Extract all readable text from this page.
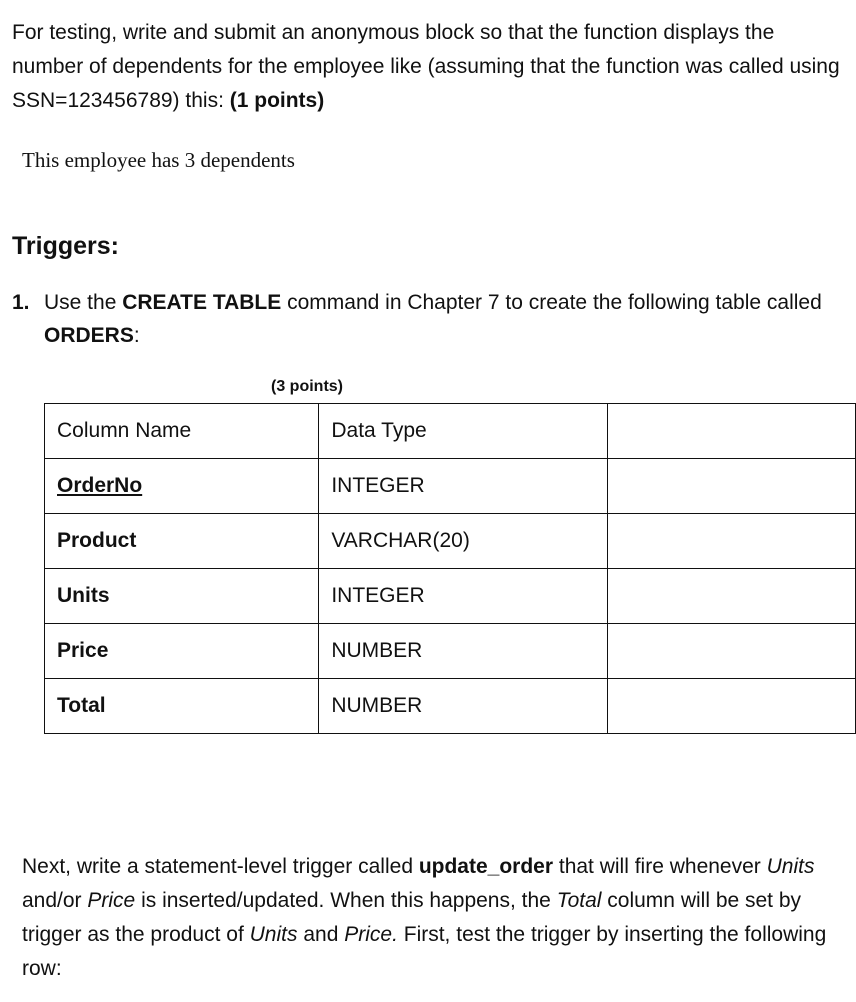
For testing, write and submit an anonymous block so that the function displays the number of dependents for the employee like (assuming that the function was called using SSN=123456789) this: (1 points)
This employee has 3 dependents
Triggers:
1. Use the CREATE TABLE command in Chapter 7 to create the following table called ORDERS:
(3 points)
Column Name	Data Type	
OrderNo	INTEGER	
Product	VARCHAR(20)	
Units	INTEGER	
Price	NUMBER	
Total	NUMBER	
Next, write a statement-level trigger called update_order that will fire whenever Units and/or Price is inserted/updated. When this happens, the Total column will be set by trigger as the product of Units and Price. First, test the trigger by inserting the following row:
